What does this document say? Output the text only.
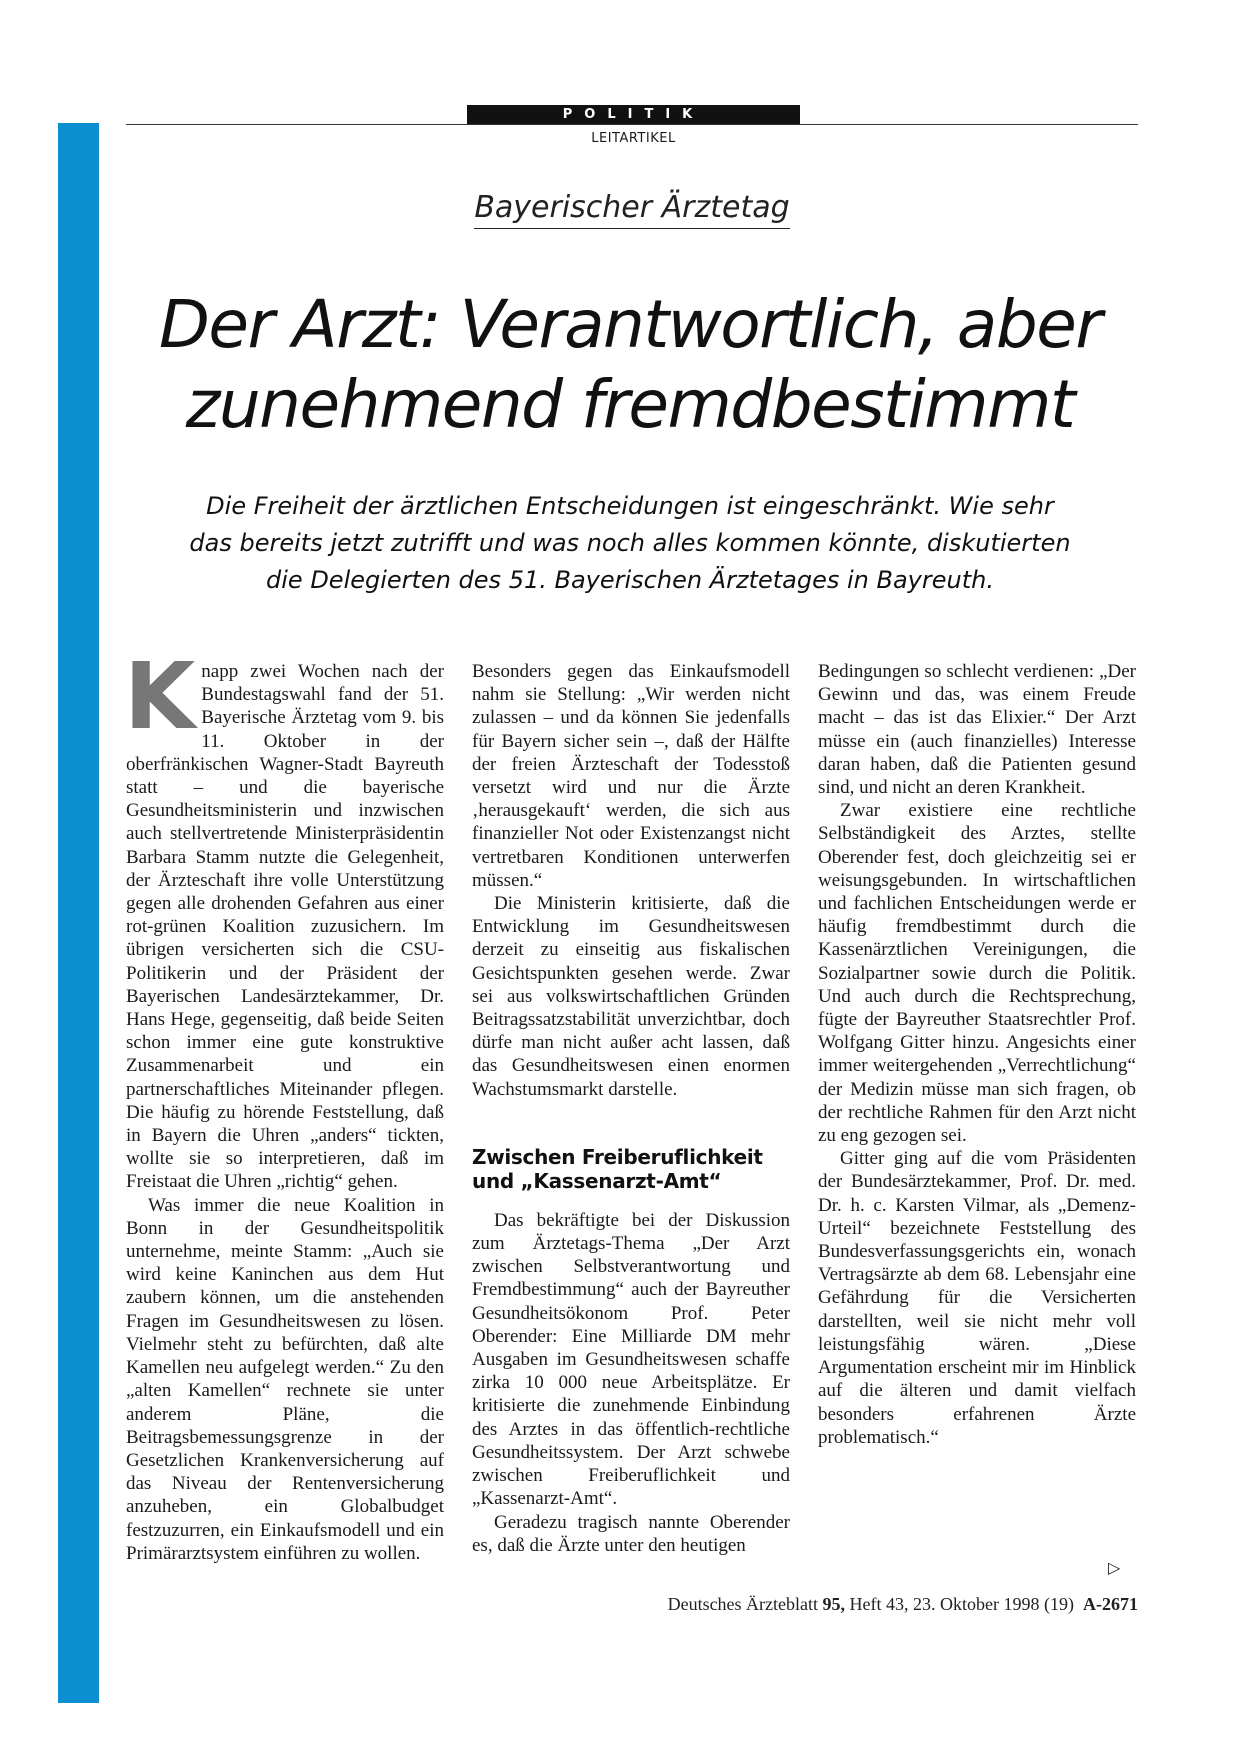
POLITIK
LEITARTIKEL
Bayerischer Ärztetag
Der Arzt: Verantwortlich, aber
zunehmend fremdbestimmt
Die Freiheit der ärztlichen Entscheidungen ist eingeschränkt. Wie sehr
das bereits jetzt zutrifft und was noch alles kommen könnte, diskutierten
die Delegierten des 51. Bayerischen Ärztetages in Bayreuth.

Knapp zwei Wochen nach der Bundestagswahl fand der 51. Bayerische Ärztetag vom 9. bis 11. Oktober in der oberfränkischen Wagner-Stadt Bayreuth statt – und die bayerische Gesundheitsministerin und inzwischen auch stellvertretende Ministerpräsidentin Barbara Stamm nutzte die Gelegenheit, der Ärzteschaft ihre volle Unterstützung gegen alle drohenden Gefahren aus einer rot-grünen Koalition zuzusichern. Im übrigen versicherten sich die CSU-Politikerin und der Präsident der Bayerischen Landesärztekammer, Dr. Hans Hege, gegenseitig, daß beide Seiten schon immer eine gute konstruktive Zusammenarbeit und ein partnerschaftliches Miteinander pflegen. Die häufig zu hörende Feststellung, daß in Bayern die Uhren „anders“ tickten, wollte sie so interpretieren, daß im Freistaat die Uhren „richtig“ gehen.

Was immer die neue Koalition in Bonn in der Gesundheitspolitik unternehme, meinte Stamm: „Auch sie wird keine Kaninchen aus dem Hut zaubern können, um die anstehenden Fragen im Gesundheitswesen zu lösen. Vielmehr steht zu befürchten, daß alte Kamellen neu aufgelegt werden.“ Zu den „alten Kamellen“ rechnete sie unter anderem Pläne, die Beitragsbemessungsgrenze in der Gesetzlichen Krankenversicherung auf das Niveau der Rentenversicherung anzuheben, ein Globalbudget festzuzurren, ein Einkaufsmodell und ein Primärarztsystem einführen zu wollen.

Besonders gegen das Einkaufsmodell nahm sie Stellung: „Wir werden nicht zulassen – und da können Sie jedenfalls für Bayern sicher sein –, daß der Hälfte der freien Ärzteschaft der Todesstoß versetzt wird und nur die Ärzte ‚herausgekauft‘ werden, die sich aus finanzieller Not oder Existenzangst nicht vertretbaren Konditionen unterwerfen müssen.“

Die Ministerin kritisierte, daß die Entwicklung im Gesundheitswesen derzeit zu einseitig aus fiskalischen Gesichtspunkten gesehen werde. Zwar sei aus volkswirtschaftlichen Gründen Beitragssatzstabilität unverzichtbar, doch dürfe man nicht außer acht lassen, daß das Gesundheitswesen einen enormen Wachstumsmarkt darstelle.

Zwischen Freiberuflichkeit und „Kassenarzt-Amt“

Das bekräftigte bei der Diskussion zum Ärztetags-Thema „Der Arzt zwischen Selbstverantwortung und Fremdbestimmung“ auch der Bayreuther Gesundheitsökonom Prof. Peter Oberender: Eine Milliarde DM mehr Ausgaben im Gesundheitswesen schaffe zirka 10 000 neue Arbeitsplätze. Er kritisierte die zunehmende Einbindung des Arztes in das öffentlich-rechtliche Gesundheitssystem. Der Arzt schwebe zwischen Freiberuflichkeit und „Kassenarzt-Amt“.

Geradezu tragisch nannte Oberender es, daß die Ärzte unter den heutigen

Bedingungen so schlecht verdienen: „Der Gewinn und das, was einem Freude macht – das ist das Elixier.“ Der Arzt müsse ein (auch finanzielles) Interesse daran haben, daß die Patienten gesund sind, und nicht an deren Krankheit.

Zwar existiere eine rechtliche Selbständigkeit des Arztes, stellte Oberender fest, doch gleichzeitig sei er weisungsgebunden. In wirtschaftlichen und fachlichen Entscheidungen werde er häufig fremdbestimmt durch die Kassenärztlichen Vereinigungen, die Sozialpartner sowie durch die Politik. Und auch durch die Rechtsprechung, fügte der Bayreuther Staatsrechtler Prof. Wolfgang Gitter hinzu. Angesichts einer immer weitergehenden „Verrechtlichung“ der Medizin müsse man sich fragen, ob der rechtliche Rahmen für den Arzt nicht zu eng gezogen sei.

Gitter ging auf die vom Präsidenten der Bundesärztekammer, Prof. Dr. med. Dr. h. c. Karsten Vilmar, als „Demenz-Urteil“ bezeichnete Feststellung des Bundesverfassungsgerichts ein, wonach Vertragsärzte ab dem 68. Lebensjahr eine Gefährdung für die Versicherten darstellten, weil sie nicht mehr voll leistungsfähig wären. „Diese Argumentation erscheint mir im Hinblick auf die älteren und damit vielfach besonders erfahrenen Ärzte problematisch.“

▷
Deutsches Ärzteblatt 95, Heft 43, 23. Oktober 1998 (19) A-2671
